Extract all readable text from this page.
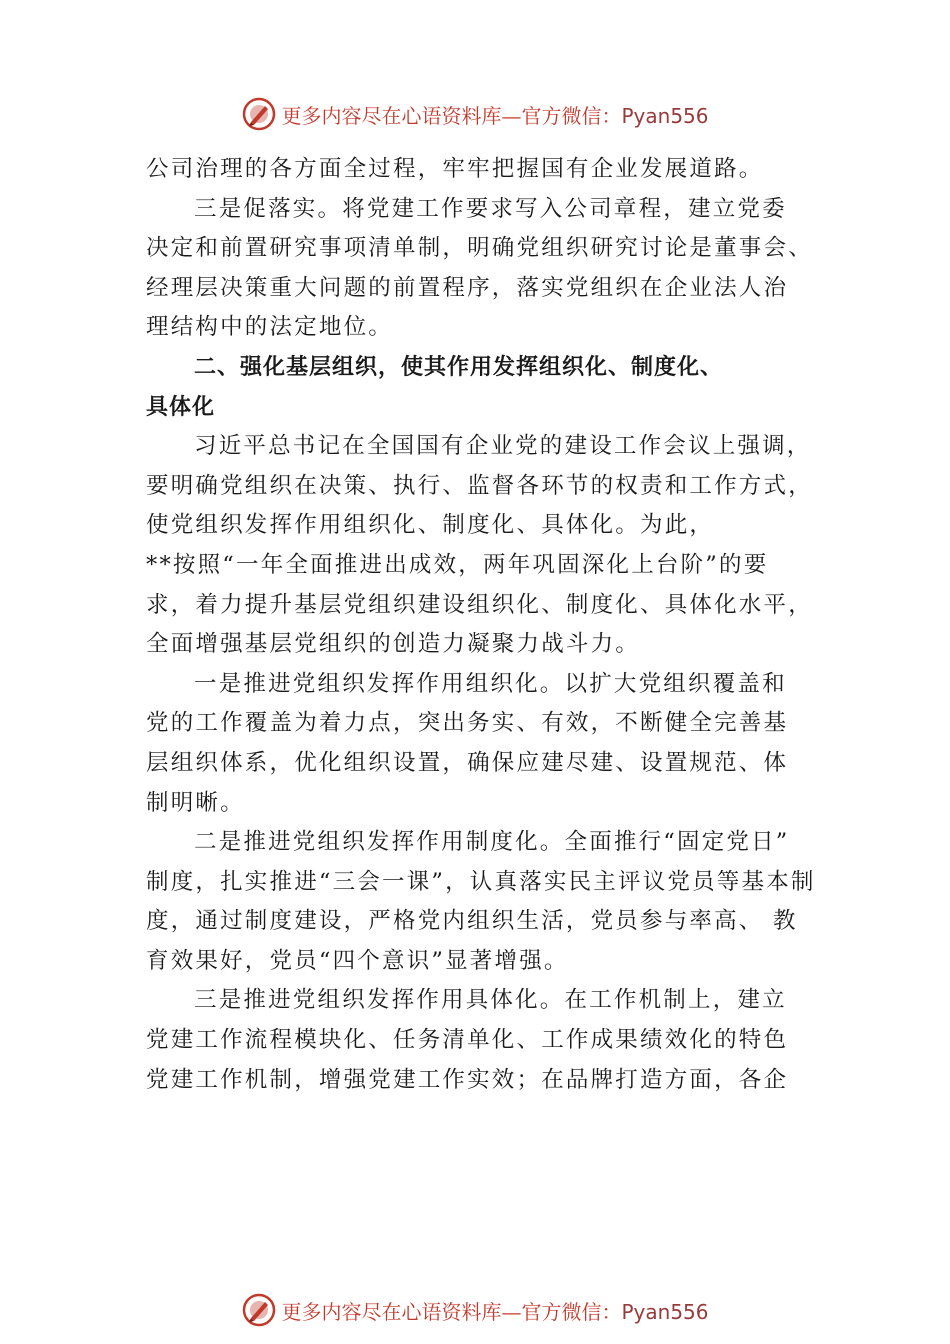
更多内容尽在心语资料库—官方微信：Pyan556
公司治理的各方面全过程，牢牢把握国有企业发展道路。
三是促落实。将党建工作要求写入公司章程，建立党委
决定和前置研究事项清单制，明确党组织研究讨论是董事会、
经理层决策重大问题的前置程序，落实党组织在企业法人治
理结构中的法定地位。
二、强化基层组织，使其作用发挥组织化、制度化、
具体化
习近平总书记在全国国有企业党的建设工作会议上强调，
要明确党组织在决策、执行、监督各环节的权责和工作方式，
使党组织发挥作用组织化、制度化、具体化。为此，
**按照“一年全面推进出成效，两年巩固深化上台阶”的要
求，着力提升基层党组织建设组织化、制度化、具体化水平，
全面增强基层党组织的创造力凝聚力战斗力。
一是推进党组织发挥作用组织化。以扩大党组织覆盖和
党的工作覆盖为着力点，突出务实、有效，不断健全完善基
层组织体系，优化组织设置，确保应建尽建、设置规范、体
制明晰。
二是推进党组织发挥作用制度化。全面推行“固定党日”
制度，扎实推进“三会一课”，认真落实民主评议党员等基本制
度，通过制度建设，严格党内组织生活，党员参与率高、 教
育效果好，党员“四个意识”显著增强。
三是推进党组织发挥作用具体化。在工作机制上，建立
党建工作流程模块化、任务清单化、工作成果绩效化的特色
党建工作机制，增强党建工作实效；在品牌打造方面，各企
更多内容尽在心语资料库—官方微信：Pyan556
